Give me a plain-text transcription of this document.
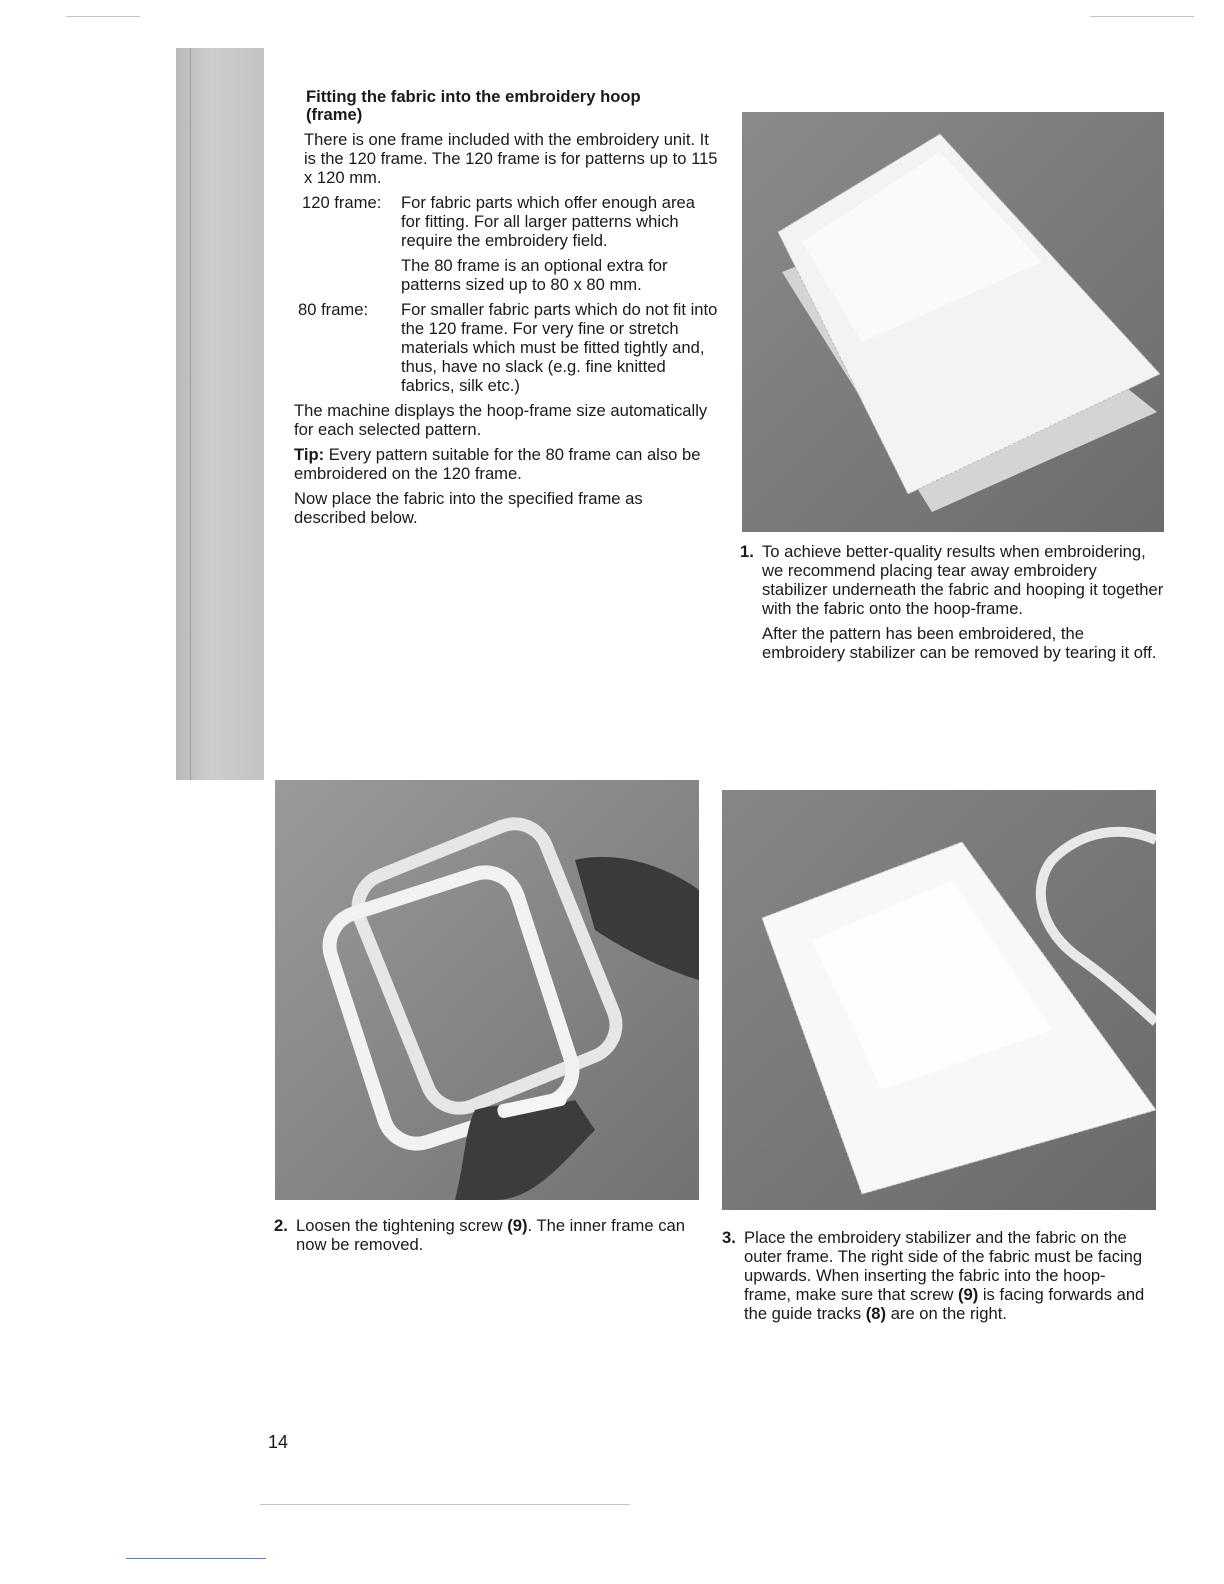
Fitting the fabric into the embroidery hoop (frame)

There is one frame included with the embroidery unit. It is the 120 frame. The 120 frame is for patterns up to 115 x 120 mm.

120 frame:	For fabric parts which offer enough area for fitting. For all larger patterns which require the embroidery field.

The 80 frame is an optional extra for patterns sized up to 80 x 80 mm.

80 frame:	For smaller fabric parts which do not fit into the 120 frame. For very fine or stretch materials which must be fitted tightly and, thus, have no slack (e.g. fine knitted fabrics, silk etc.)

The machine displays the hoop-frame size automatically for each selected pattern.

Tip: Every pattern suitable for the 80 frame can also be embroidered on the 120 frame.

Now place the fabric into the specified frame as described below.

1. To achieve better-quality results when embroidering, we recommend placing tear away embroidery stabilizer underneath the fabric and hooping it together with the fabric onto the hoop-frame.

After the pattern has been embroidered, the embroidery stabilizer can be removed by tearing it off.

2. Loosen the tightening screw (9). The inner frame can now be removed.	3. Place the embroidery stabilizer and the fabric on the outer frame. The right side of the fabric must be facing upwards. When inserting the fabric into the hoop-frame, make sure that screw (9) is facing forwards and the guide tracks (8) are on the right.

14
